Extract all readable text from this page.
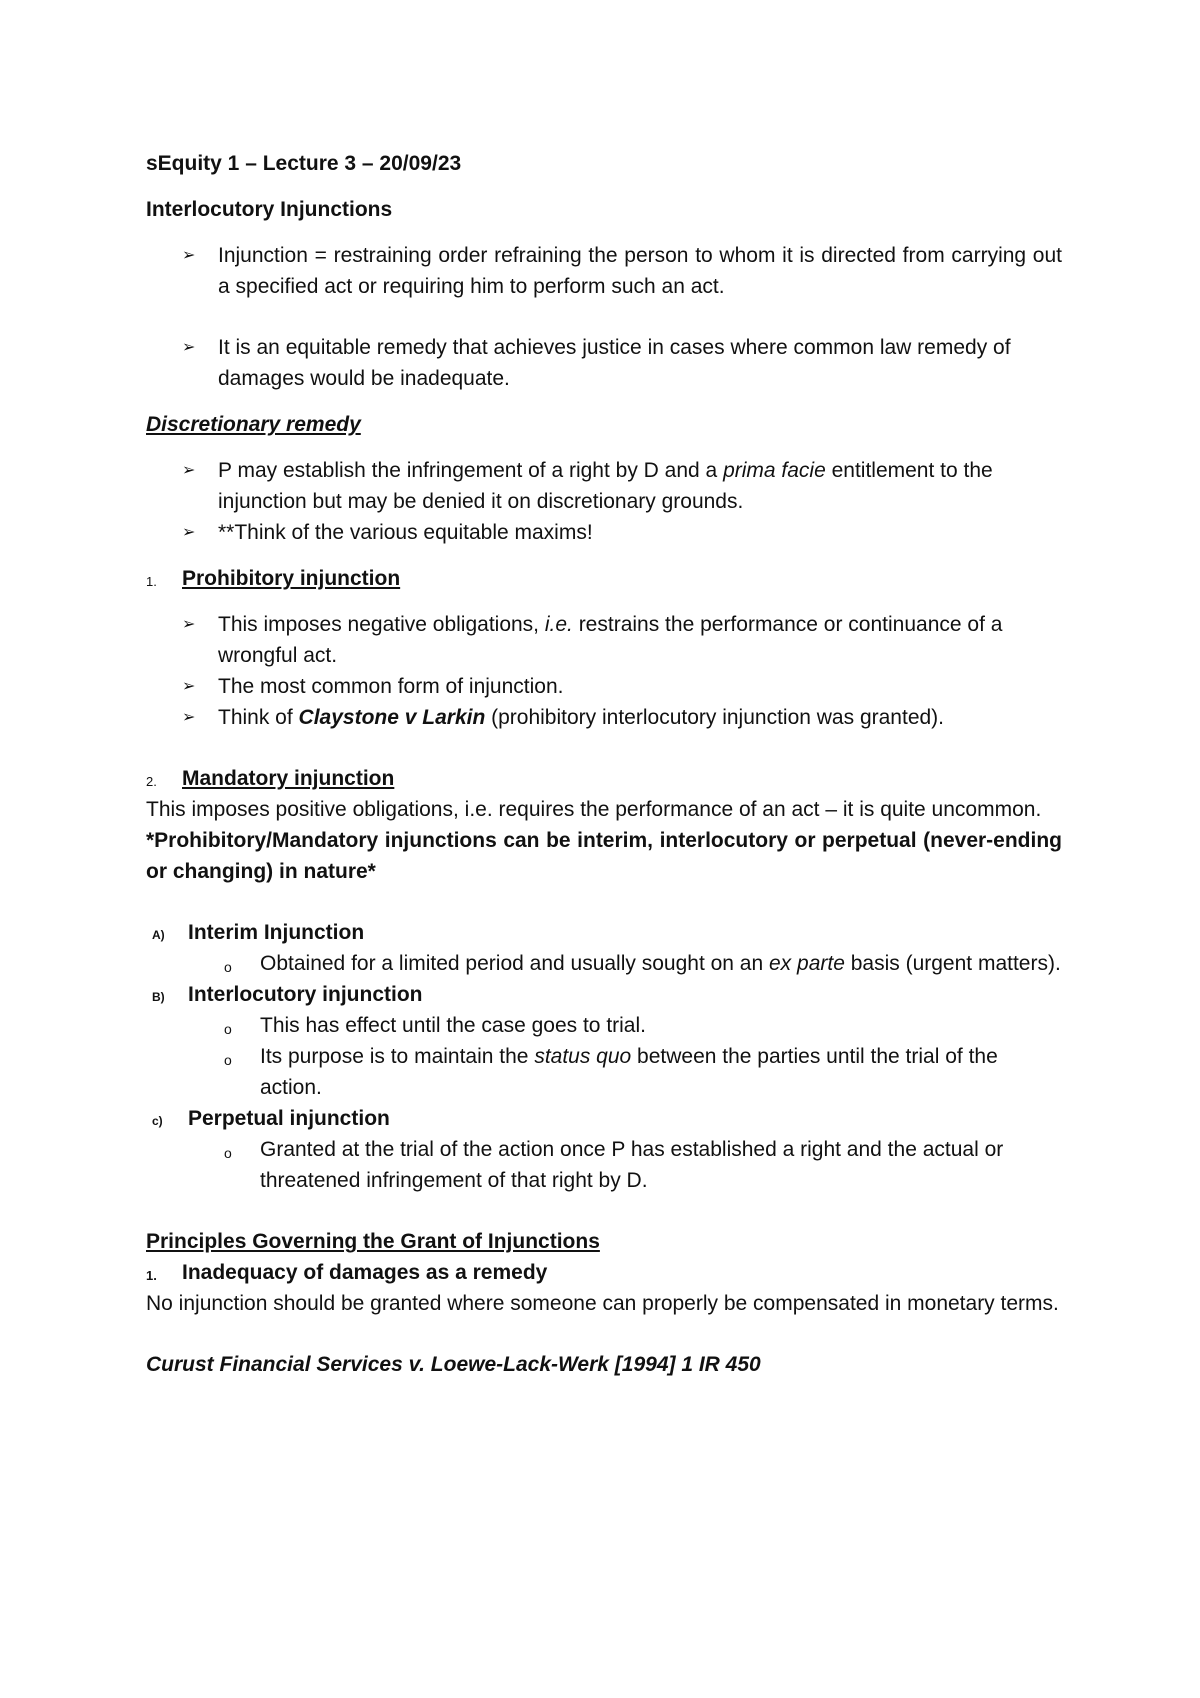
sEquity 1 – Lecture 3 – 20/09/23
Interlocutory Injunctions
➢ Injunction = restraining order refraining the person to whom it is directed from carrying out a specified act or requiring him to perform such an act.
➢ It is an equitable remedy that achieves justice in cases where common law remedy of damages would be inadequate.
Discretionary remedy
➢ P may establish the infringement of a right by D and a prima facie entitlement to the injunction but may be denied it on discretionary grounds.
➢ **Think of the various equitable maxims!
1. Prohibitory injunction
➢ This imposes negative obligations, i.e. restrains the performance or continuance of a wrongful act.
➢ The most common form of injunction.
➢ Think of Claystone v Larkin (prohibitory interlocutory injunction was granted).
2. Mandatory injunction
This imposes positive obligations, i.e. requires the performance of an act – it is quite uncommon.
*Prohibitory/Mandatory injunctions can be interim, interlocutory or perpetual (never-ending or changing) in nature*
A) Interim Injunction
o Obtained for a limited period and usually sought on an ex parte basis (urgent matters).
B) Interlocutory injunction
o This has effect until the case goes to trial.
o Its purpose is to maintain the status quo between the parties until the trial of the action.
c) Perpetual injunction
o Granted at the trial of the action once P has established a right and the actual or threatened infringement of that right by D.
Principles Governing the Grant of Injunctions
1. Inadequacy of damages as a remedy
No injunction should be granted where someone can properly be compensated in monetary terms.
Curust Financial Services v. Loewe-Lack-Werk [1994] 1 IR 450
